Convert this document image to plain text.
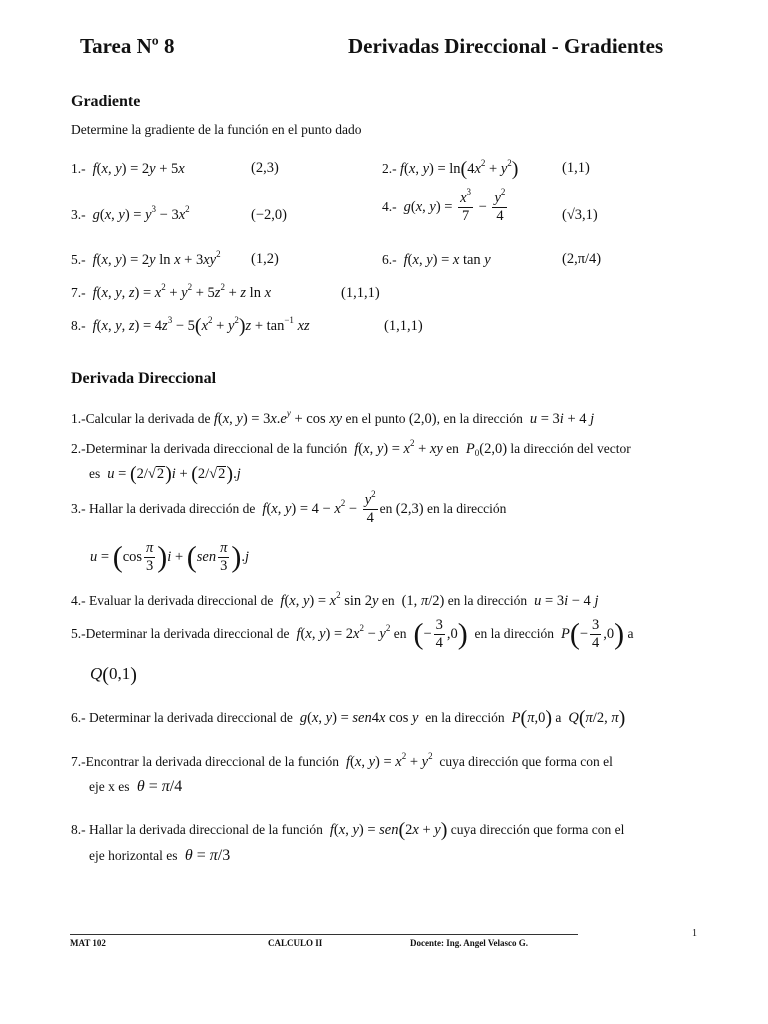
Tarea Nº 8	Derivadas Direccional - Gradientes
Gradiente
Determine la gradiente de la función en el punto dado
1.- f(x, y) = 2y + 5x	(2,3)	2.- f(x, $y) = \ln(4x^2 + y^2)$	(1,1)
3.- g(x, $y) = y^3 - 3x^2$	(−2,0)
4.- g(x, $y) = \frac{x^3}{7} - \frac{y^2}{4}$	(√3,1)
5.- f(x, y) = 2y $\ln x + 3xy^2$ (1,2)	6.- f(x, y) = x tan y	(2,π/4)
7.- f(x, y, $z) = x^2 + y^2 + 5z^2 + z$ ln x	(1,1,1)
8.- f(x, y, $z) = 4z^3 - 5(x^2 + y^2)z + \tan^{-1}$ xz	(1,1,1)
Derivada Direccional
1.-Calcular la derivada de f(x, $y) = 3x.e^y + \cos$ xy en el punto (2,0), en la dirección u = 3i + 4 j
2.-Determinar la derivada direccional de la función f(x, $y) = x^2$ + xy en $P_0(2,0)$ la dirección del vector
es u = (2/√2)i + (2/√2).j
3.- Hallar la derivada dirección de f(x, $y) = 4 - x^2 - \frac{y^2}{4}$ en (2,3) en la dirección
$u = (\cos \frac{\pi}{3} )i + (sen \frac{\pi}{3} ).j$
4.- Evaluar la derivada direccional de f(x, $y) = x^2$ sin 2y en  (1, π/2) en la dirección u = 3i − 4 j
5.-Determinar la derivada direccional de f(x, $y) = 2x^2 - y^2$ en (− $\frac{3}{4} ,0$) en la dirección $P(- \frac{3}{4} ,0)$ a
Q(0,1)
6.- Determinar la derivada direccional de g(x, y) = sen4x cos y en la dirección P(π,0) a Q(π/2, π)
7.-Encontrar la derivada direccional de la función f(x, $y) = x^2 + y^2$ cuya dirección que forma con el
eje x es θ = π/4
8.- Hallar la derivada direccional de la función f(x, y) = sen(2x + y) cuya dirección que forma con el
eje horizontal es θ = π/3
1
MAT 102	CALCULO II	Docente: Ing. Angel Velasco G.
